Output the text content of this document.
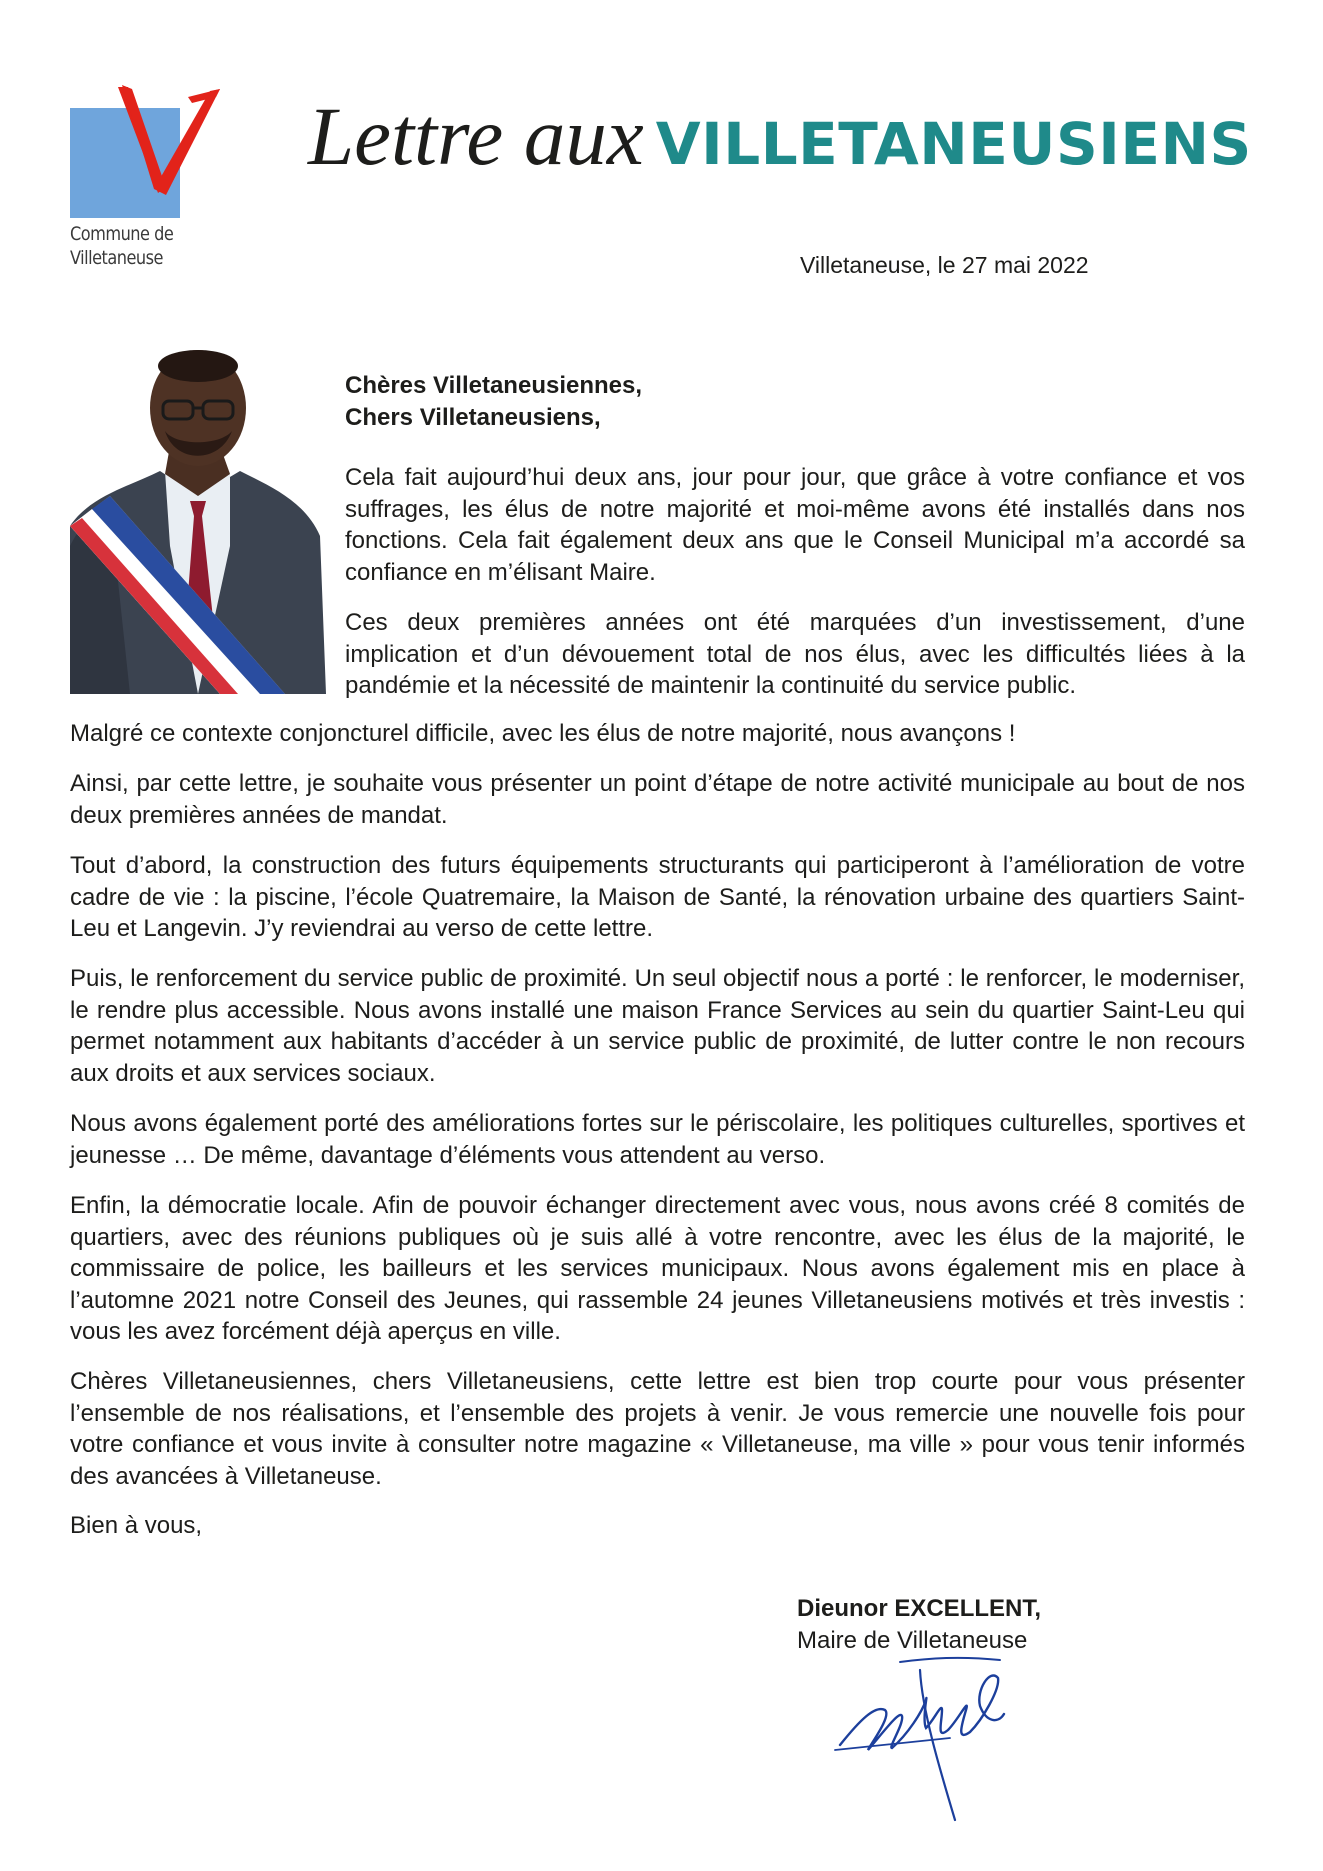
Commune de
Villetaneuse
Lettre aux VILLETANEUSIENS
Villetaneuse, le 27 mai 2022
Chères Villetaneusiennes,
Chers Villetaneusiens,

Cela fait aujourd’hui deux ans, jour pour jour, que grâce à votre confiance et vos suffrages, les élus de notre majorité et moi-même avons été installés dans nos fonctions. Cela fait également deux ans que le Conseil Municipal m’a accordé sa confiance en m’élisant Maire.

Ces deux premières années ont été marquées d’un investissement, d’une implication et d’un dévouement total de nos élus, avec les difficultés liées à la pandémie et la nécessité de maintenir la continuité du service public.

Malgré ce contexte conjoncturel difficile, avec les élus de notre majorité, nous avançons !

Ainsi, par cette lettre, je souhaite vous présenter un point d’étape de notre activité municipale au bout de nos deux premières années de mandat.

Tout d’abord, la construction des futurs équipements structurants qui participeront à l’amélioration de votre cadre de vie : la piscine, l’école Quatremaire, la Maison de Santé, la rénovation urbaine des quartiers Saint-Leu et Langevin. J’y reviendrai au verso de cette lettre.

Puis, le renforcement du service public de proximité. Un seul objectif nous a porté : le renforcer, le moderniser, le rendre plus accessible. Nous avons installé une maison France Services au sein du quartier Saint-Leu qui permet notamment aux habitants d’accéder à un service public de proximité, de lutter contre le non recours aux droits et aux services sociaux.

Nous avons également porté des améliorations fortes sur le périscolaire, les politiques culturelles, sportives et jeunesse … De même, davantage d’éléments vous attendent au verso.

Enfin, la démocratie locale. Afin de pouvoir échanger directement avec vous, nous avons créé 8 comités de quartiers, avec des réunions publiques où je suis allé à votre rencontre, avec les élus de la majorité, le commissaire de police, les bailleurs et les services municipaux. Nous avons également mis en place à l’automne 2021 notre Conseil des Jeunes, qui rassemble 24 jeunes Villetaneusiens motivés et très investis : vous les avez forcément déjà aperçus en ville.

Chères Villetaneusiennes, chers Villetaneusiens, cette lettre est bien trop courte pour vous présenter l’ensemble de nos réalisations, et l’ensemble des projets à venir. Je vous remercie une nouvelle fois pour votre confiance et vous invite à consulter notre magazine « Villetaneuse, ma ville » pour vous tenir informés des avancées à Villetaneuse.

Bien à vous,
Dieunor EXCELLENT,
Maire de Villetaneuse
